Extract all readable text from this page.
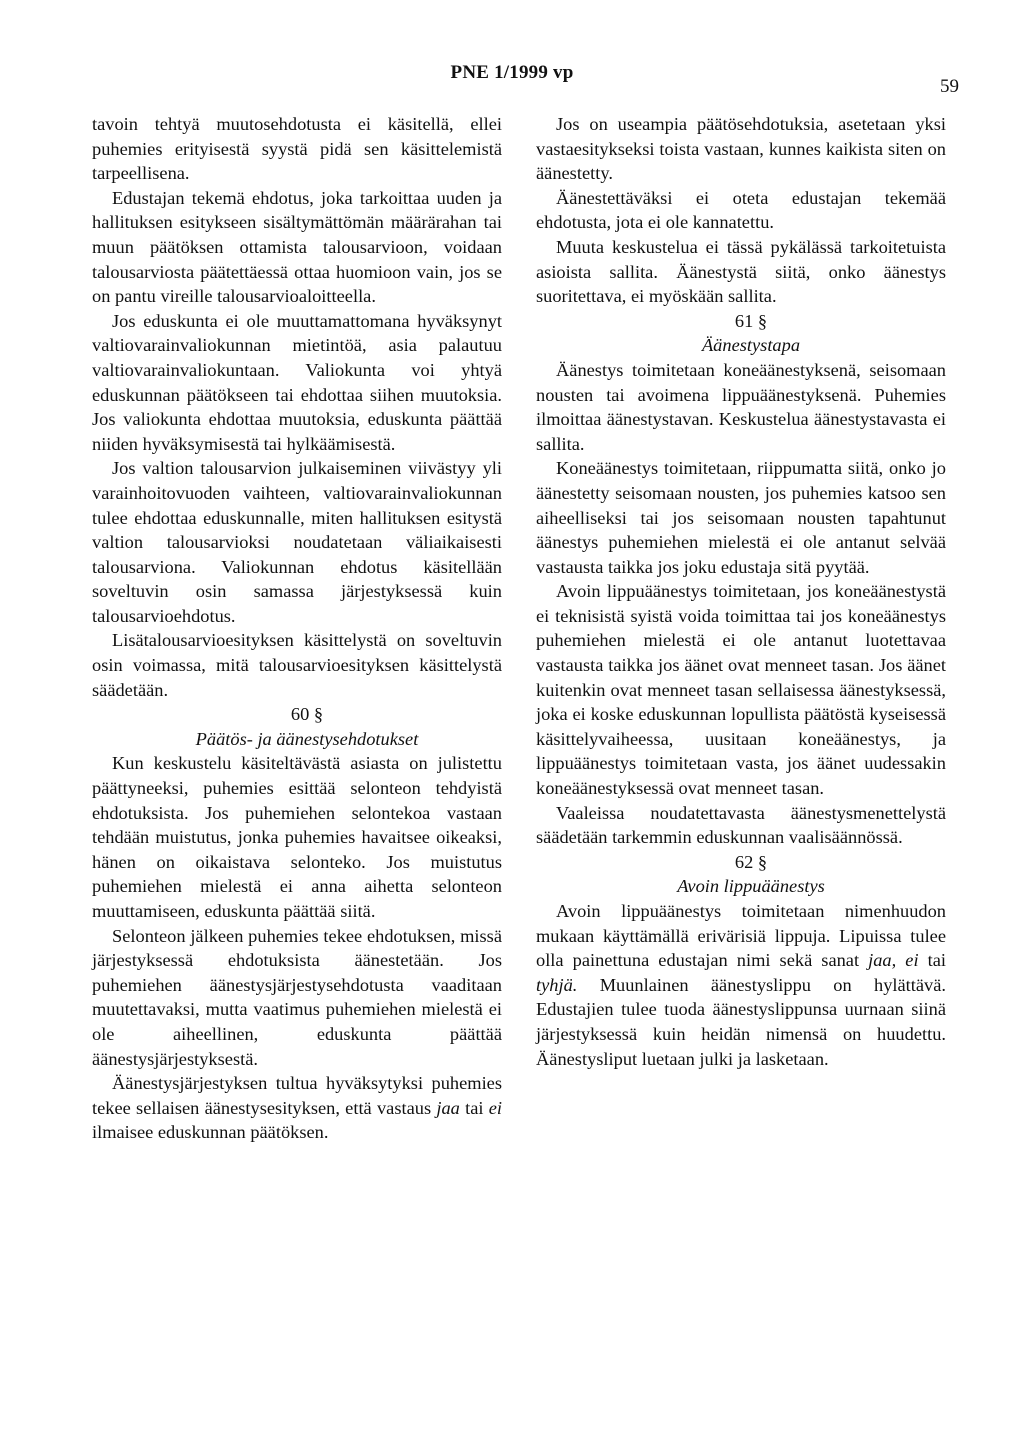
PNE 1/1999 vp
59

tavoin tehtyä muutosehdotusta ei käsitellä, ellei puhemies erityisestä syystä pidä sen käsittelemistä tarpeellisena.

Edustajan tekemä ehdotus, joka tarkoittaa uuden ja hallituksen esitykseen sisältymättömän määrärahan tai muun päätöksen ottamista talousarvioon, voidaan talousarviosta päätettäessä ottaa huomioon vain, jos se on pantu vireille talousarvioaloitteella.

Jos eduskunta ei ole muuttamattomana hyväksynyt valtiovarainvaliokunnan mietintöä, asia palautuu valtiovarainvaliokuntaan. Valiokunta voi yhtyä eduskunnan päätökseen tai ehdottaa siihen muutoksia. Jos valiokunta ehdottaa muutoksia, eduskunta päättää niiden hyväksymisestä tai hylkäämisestä.

Jos valtion talousarvion julkaiseminen viivästyy yli varainhoitovuoden vaihteen, valtiovarainvaliokunnan tulee ehdottaa eduskunnalle, miten hallituksen esitystä valtion talousarvioksi noudatetaan väliaikaisesti talousarviona. Valiokunnan ehdotus käsitellään soveltuvin osin samassa järjestyksessä kuin talousarvioehdotus.

Lisätalousarvioesityksen käsittelystä on soveltuvin osin voimassa, mitä talousarvioesityksen käsittelystä säädetään.

60 §

Päätös- ja äänestysehdotukset

Kun keskustelu käsiteltävästä asiasta on julistettu päättyneeksi, puhemies esittää selonteon tehdyistä ehdotuksista. Jos puhemiehen selontekoa vastaan tehdään muistutus, jonka puhemies havaitsee oikeaksi, hänen on oikaistava selonteko. Jos muistutus puhemiehen mielestä ei anna aihetta selonteon muuttamiseen, eduskunta päättää siitä.

Selonteon jälkeen puhemies tekee ehdotuksen, missä järjestyksessä ehdotuksista äänestetään. Jos puhemiehen äänestysjärjestysehdotusta vaaditaan muutettavaksi, mutta vaatimus puhemiehen mielestä ei ole aiheellinen, eduskunta päättää äänestysjärjestyksestä.

Äänestysjärjestyksen tultua hyväksytyksi puhemies tekee sellaisen äänestysesityksen, että vastaus jaa tai ei ilmaisee eduskunnan päätöksen.

Jos on useampia päätösehdotuksia, asetetaan yksi vastaesitykseksi toista vastaan, kunnes kaikista siten on äänestetty.

Äänestettäväksi ei oteta edustajan tekemää ehdotusta, jota ei ole kannatettu.

Muuta keskustelua ei tässä pykälässä tarkoitetuista asioista sallita. Äänestystä siitä, onko äänestys suoritettava, ei myöskään sallita.

61 §

Äänestystapa

Äänestys toimitetaan koneäänestyksenä, seisomaan nousten tai avoimena lippuäänestyksenä. Puhemies ilmoittaa äänestystavan. Keskustelua äänestystavasta ei sallita.

Koneäänestys toimitetaan, riippumatta siitä, onko jo äänestetty seisomaan nousten, jos puhemies katsoo sen aiheelliseksi tai jos seisomaan nousten tapahtunut äänestys puhemiehen mielestä ei ole antanut selvää vastausta taikka jos joku edustaja sitä pyytää.

Avoin lippuäänestys toimitetaan, jos koneäänestystä ei teknisistä syistä voida toimittaa tai jos koneäänestys puhemiehen mielestä ei ole antanut luotettavaa vastausta taikka jos äänet ovat menneet tasan. Jos äänet kuitenkin ovat menneet tasan sellaisessa äänestyksessä, joka ei koske eduskunnan lopullista päätöstä kyseisessä käsittelyvaiheessa, uusitaan koneäänestys, ja lippuäänestys toimitetaan vasta, jos äänet uudessakin koneäänestyksessä ovat menneet tasan.

Vaaleissa noudatettavasta äänestysmenettelystä säädetään tarkemmin eduskunnan vaalisäännössä.

62 §

Avoin lippuäänestys

Avoin lippuäänestys toimitetaan nimenhuudon mukaan käyttämällä erivärisiä lippuja. Lipuissa tulee olla painettuna edustajan nimi sekä sanat jaa, ei tai tyhjä. Muunlainen äänestyslippu on hylättävä. Edustajien tulee tuoda äänestyslippunsa uurnaan siinä järjestyksessä kuin heidän nimensä on huudettu. Äänestysliput luetaan julki ja lasketaan.
